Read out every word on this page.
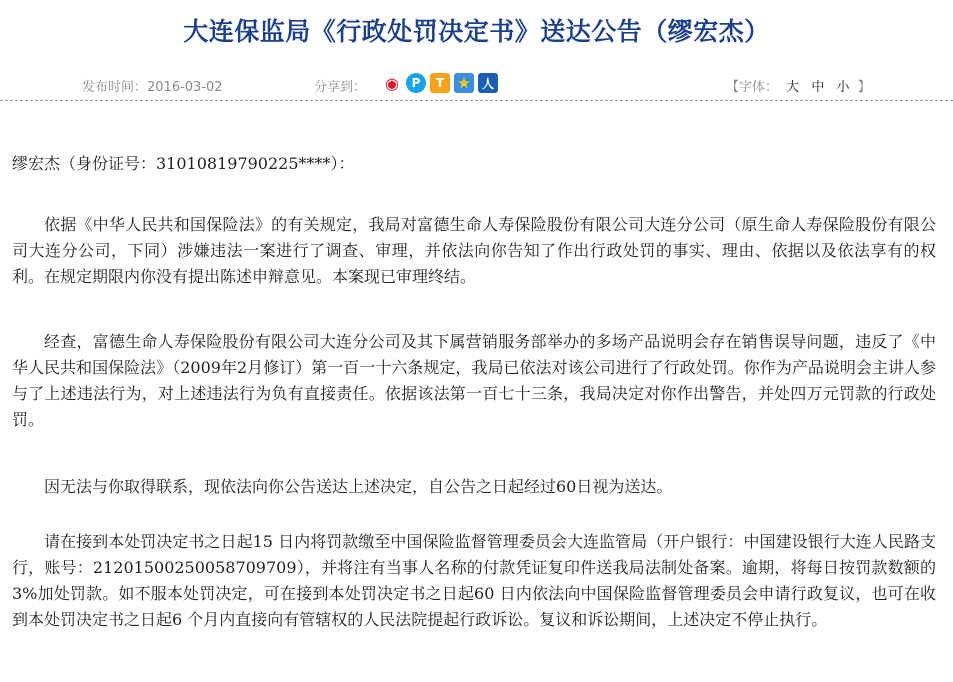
大连保监局《行政处罚决定书》送达公告（缪宏杰）
发布时间：2016-03-02	分享到： ◉	P	T ★ 人	【字体： 大 中 小 】

缪宏杰（身份证号：31010819790225****）：

依据《中华人民共和国保险法》的有关规定，我局对富德生命人寿保险股份有限公司大连分公司（原生命人寿保险股份有限公司大连分公司，下同）涉嫌违法一案进行了调查、审理，并依法向你告知了作出行政处罚的事实、理由、依据以及依法享有的权利。在规定期限内你没有提出陈述申辩意见。本案现已审理终结。

经查，富德生命人寿保险股份有限公司大连分公司及其下属营销服务部举办的多场产品说明会存在销售误导问题，违反了《中华人民共和国保险法》（2009年2月修订）第一百一十六条规定，我局已依法对该公司进行了行政处罚。你作为产品说明会主讲人参与了上述违法行为，对上述违法行为负有直接责任。依据该法第一百七十三条，我局决定对你作出警告，并处四万元罚款的行政处罚。

因无法与你取得联系，现依法向你公告送达上述决定，自公告之日起经过60日视为送达。

请在接到本处罚决定书之日起15 日内将罚款缴至中国保险监督管理委员会大连监管局（开户银行：中国建设银行大连人民路支行，账号：21201500250058709709），并将注有当事人名称的付款凭证复印件送我局法制处备案。逾期，将每日按罚款数额的3%加处罚款。如不服本处罚决定，可在接到本处罚决定书之日起60 日内依法向中国保险监督管理委员会申请行政复议，也可在收到本处罚决定书之日起6 个月内直接向有管辖权的人民法院提起行政诉讼。复议和诉讼期间，上述决定不停止执行。
